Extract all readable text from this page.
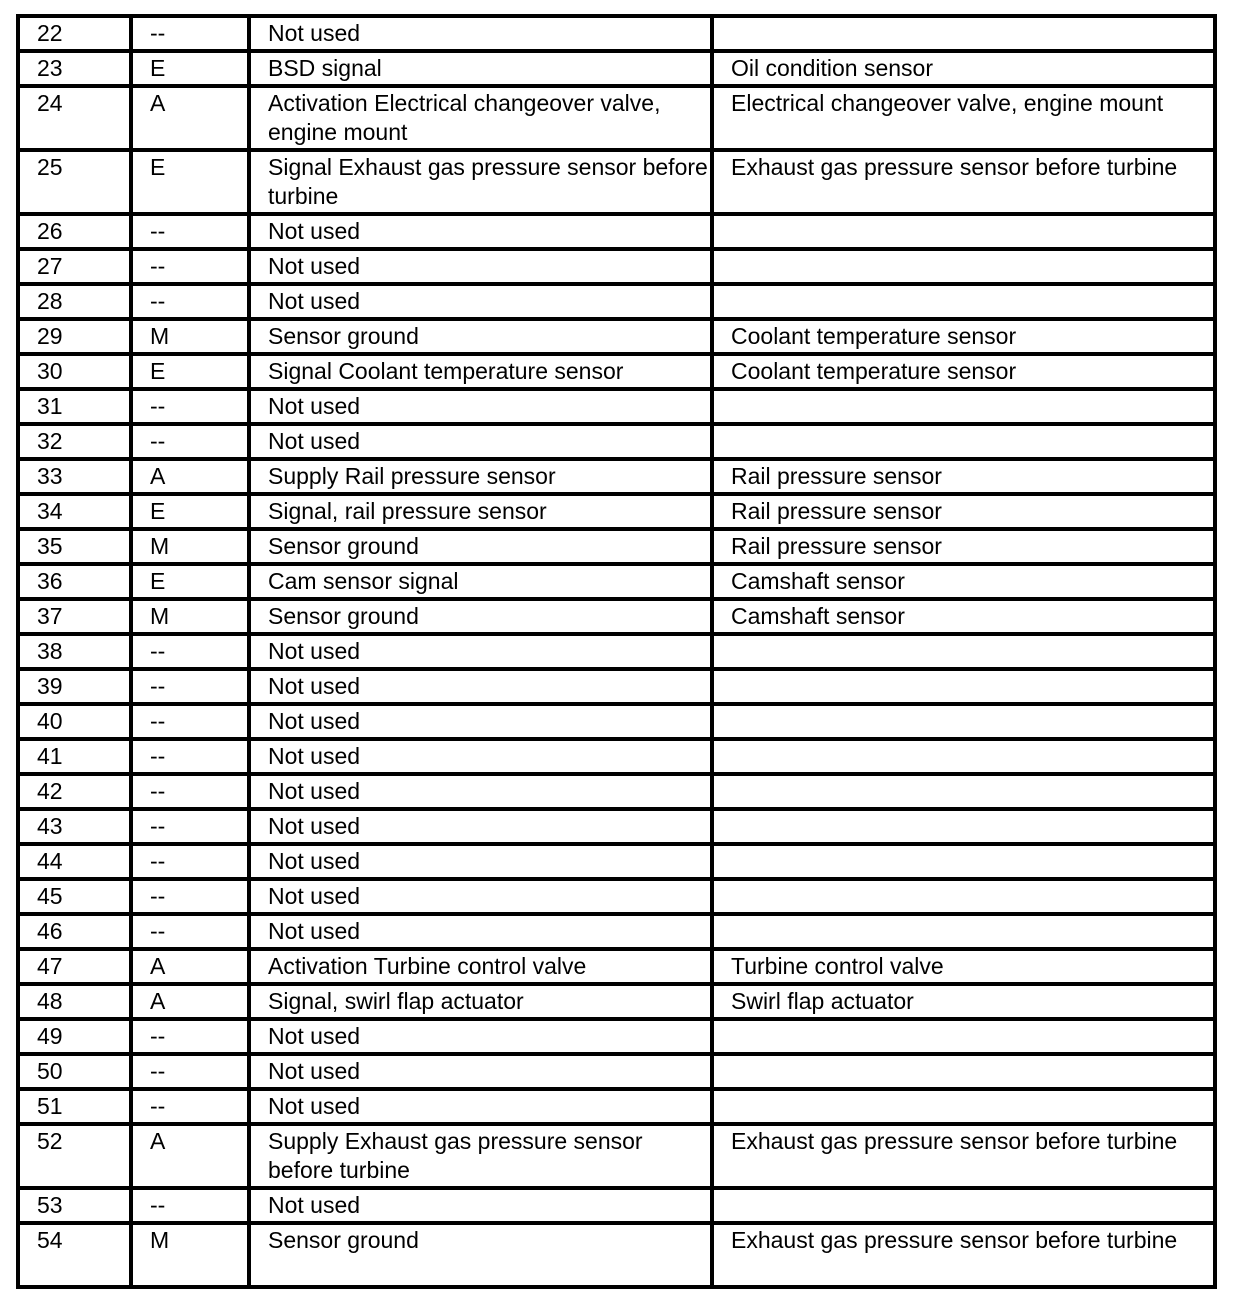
22	--	Not used	
23	E	BSD signal	Oil condition sensor
24	A	Activation Electrical changeover valve, engine mount	Electrical changeover valve, engine mount
25	E	Signal Exhaust gas pressure sensor before turbine	Exhaust gas pressure sensor before turbine
26	--	Not used	
27	--	Not used	
28	--	Not used	
29	M	Sensor ground	Coolant temperature sensor
30	E	Signal Coolant temperature sensor	Coolant temperature sensor
31	--	Not used	
32	--	Not used	
33	A	Supply Rail pressure sensor	Rail pressure sensor
34	E	Signal, rail pressure sensor	Rail pressure sensor
35	M	Sensor ground	Rail pressure sensor
36	E	Cam sensor signal	Camshaft sensor
37	M	Sensor ground	Camshaft sensor
38	--	Not used	
39	--	Not used	
40	--	Not used	
41	--	Not used	
42	--	Not used	
43	--	Not used	
44	--	Not used	
45	--	Not used	
46	--	Not used	
47	A	Activation Turbine control valve	Turbine control valve
48	A	Signal, swirl flap actuator	Swirl flap actuator
49	--	Not used	
50	--	Not used	
51	--	Not used	
52	A	Supply Exhaust gas pressure sensor before turbine	Exhaust gas pressure sensor before turbine
53	--	Not used	
54	M	Sensor ground	Exhaust gas pressure sensor before turbine
